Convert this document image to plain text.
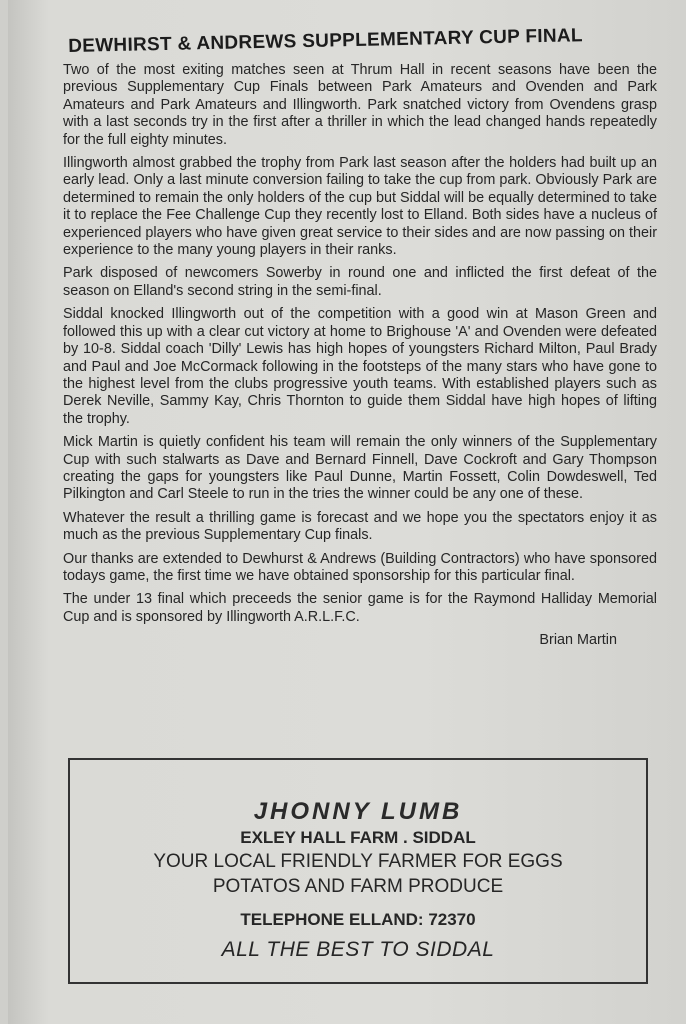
DEWHIRST & ANDREWS SUPPLEMENTARY CUP FINAL

Two of the most exiting matches seen at Thrum Hall in recent seasons have been the previous Supplementary Cup Finals between Park Amateurs and Ovenden and Park Amateurs and Park Amateurs and Illingworth. Park snatched victory from Ovendens grasp with a last seconds try in the first after a thriller in which the lead changed hands repeatedly for the full eighty minutes.

Illingworth almost grabbed the trophy from Park last season after the holders had built up an early lead. Only a last minute conversion failing to take the cup from park. Obviously Park are determined to remain the only holders of the cup but Siddal will be equally determined to take it to replace the Fee Challenge Cup they recently lost to Elland. Both sides have a nucleus of experienced players who have given great service to their sides and are now passing on their experience to the many young players in their ranks.

Park disposed of newcomers Sowerby in round one and inflicted the first defeat of the season on Elland's second string in the semi-final.

Siddal knocked Illingworth out of the competition with a good win at Mason Green and followed this up with a clear cut victory at home to Brighouse 'A' and Ovenden were defeated by 10-8. Siddal coach 'Dilly' Lewis has high hopes of youngsters Richard Milton, Paul Brady and Paul and Joe McCormack following in the footsteps of the many stars who have gone to the highest level from the clubs progressive youth teams. With established players such as Derek Neville, Sammy Kay, Chris Thornton to guide them Siddal have high hopes of lifting the trophy.

Mick Martin is quietly confident his team will remain the only winners of the Supplementary Cup with such stalwarts as Dave and Bernard Finnell, Dave Cockroft and Gary Thompson creating the gaps for youngsters like Paul Dunne, Martin Fossett, Colin Dowdeswell, Ted Pilkington and Carl Steele to run in the tries the winner could be any one of these.

Whatever the result a thrilling game is forecast and we hope you the spectators enjoy it as much as the previous Supplementary Cup finals.

Our thanks are extended to Dewhurst & Andrews (Building Contractors) who have sponsored todays game, the first time we have obtained sponsorship for this particular final.

The under 13 final which preceeds the senior game is for the Raymond Halliday Memorial Cup and is sponsored by Illingworth A.R.L.F.C.

Brian Martin

JHONNY LUMB
EXLEY HALL FARM . SIDDAL
YOUR LOCAL FRIENDLY FARMER FOR EGGS
POTATOS AND FARM PRODUCE
TELEPHONE ELLAND: 72370
ALL THE BEST TO SIDDAL
